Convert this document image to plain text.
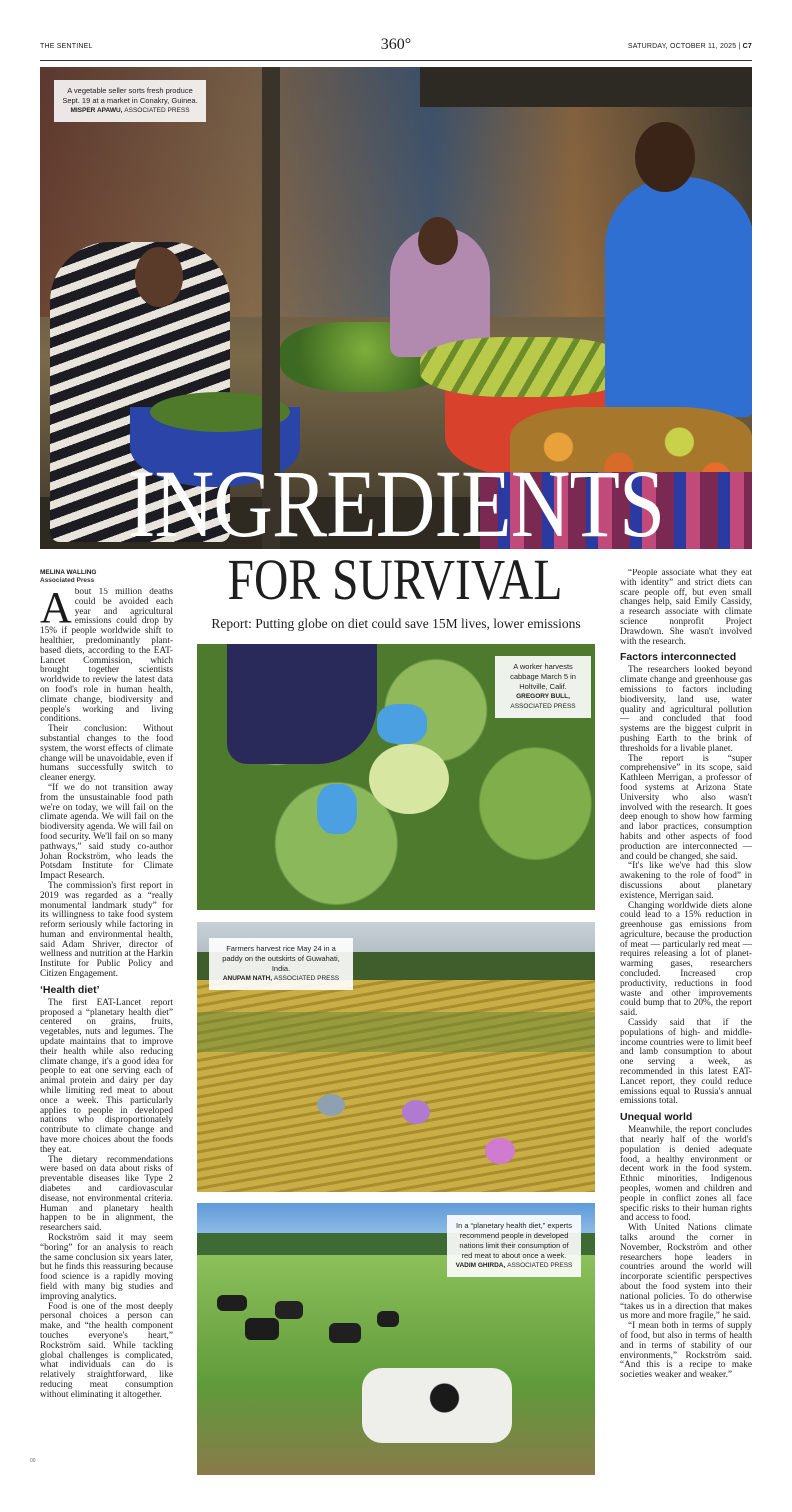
THE SENTINEL	360°	SATURDAY, OCTOBER 11, 2025 | C7
A vegetable seller sorts fresh produce Sept. 19 at a market in Conakry, Guinea.
MISPER APAWU, ASSOCIATED PRESS
INGREDIENTS
FOR SURVIVAL
Report: Putting globe on diet could save 15M lives, lower emissions
MELINA WALLING
Associated Press

About 15 million deaths could be avoided each year and agricultural emissions could drop by 15% if people worldwide shift to healthier, predominantly plant-based diets, according to the EAT-Lancet Commission, which brought together scientists worldwide to review the latest data on food's role in human health, climate change, biodiversity and people's working and living conditions.

Their conclusion: Without substantial changes to the food system, the worst effects of climate change will be unavoidable, even if humans successfully switch to cleaner energy.

“If we do not transition away from the unsustainable food path we're on today, we will fail on the climate agenda. We will fail on the biodiversity agenda. We will fail on food security. We'll fail on so many pathways,” said study co-author Johan Rockström, who leads the Potsdam Institute for Climate Impact Research.

The commission's first report in 2019 was regarded as a “really monumental landmark study” for its willingness to take food system reform seriously while factoring in human and environmental health, said Adam Shriver, director of wellness and nutrition at the Harkin Institute for Public Policy and Citizen Engagement.

‘Health diet’

The first EAT-Lancet report proposed a “planetary health diet” centered on grains, fruits, vegetables, nuts and legumes. The update maintains that to improve their health while also reducing climate change, it's a good idea for people to eat one serving each of animal protein and dairy per day while limiting red meat to about once a week. This particularly applies to people in developed nations who disproportionately contribute to climate change and have more choices about the foods they eat.

The dietary recommendations were based on data about risks of preventable diseases like Type 2 diabetes and cardiovascular disease, not environmental criteria. Human and planetary health happen to be in alignment, the researchers said.

Rockström said it may seem “boring” for an analysis to reach the same conclusion six years later, but he finds this reassuring because food science is a rapidly moving field with many big studies and improving analytics.

Food is one of the most deeply personal choices a person can make, and “the health component touches everyone's heart,” Rockström said. While tackling global challenges is complicated, what individuals can do is relatively straightforward, like reducing meat consumption without eliminating it altogether.

“People associate what they eat with identity” and strict diets can scare people off, but even small changes help, said Emily Cassidy, a research associate with climate science nonprofit Project Drawdown. She wasn't involved with the research.

Factors interconnected

The researchers looked beyond climate change and greenhouse gas emissions to factors including biodiversity, land use, water quality and agricultural pollution — and concluded that food systems are the biggest culprit in pushing Earth to the brink of thresholds for a livable planet.

The report is “super comprehensive” in its scope, said Kathleen Merrigan, a professor of food systems at Arizona State University who also wasn't involved with the research. It goes deep enough to show how farming and labor practices, consumption habits and other aspects of food production are interconnected — and could be changed, she said.

“It's like we've had this slow awakening to the role of food” in discussions about planetary existence, Merrigan said.

Changing worldwide diets alone could lead to a 15% reduction in greenhouse gas emissions from agriculture, because the production of meat — particularly red meat — requires releasing a lot of planet-warming gases, researchers concluded. Increased crop productivity, reductions in food waste and other improvements could bump that to 20%, the report said.

Cassidy said that if the populations of high- and middle-income countries were to limit beef and lamb consumption to about one serving a week, as recommended in this latest EAT-Lancet report, they could reduce emissions equal to Russia's annual emissions total.

Unequal world

Meanwhile, the report concludes that nearly half of the world's population is denied adequate food, a healthy environment or decent work in the food system. Ethnic minorities, Indigenous peoples, women and children and people in conflict zones all face specific risks to their human rights and access to food.

With United Nations climate talks around the corner in November, Rockström and other researchers hope leaders in countries around the world will incorporate scientific perspectives about the food system into their national policies. To do otherwise “takes us in a direction that makes us more and more fragile,” he said.

“I mean both in terms of supply of food, but also in terms of health and in terms of stability of our environments,” Rockström said. “And this is a recipe to make societies weaker and weaker.”

A worker harvests cabbage March 5 in Holtville, Calif.
GREGORY BULL, ASSOCIATED PRESS
Farmers harvest rice May 24 in a paddy on the outskirts of Guwahati, India.
ANUPAM NATH, ASSOCIATED PRESS
In a “planetary health diet,” experts recommend people in developed nations limit their consumption of red meat to about once a week.
VADIM GHIRDA, ASSOCIATED PRESS
00
